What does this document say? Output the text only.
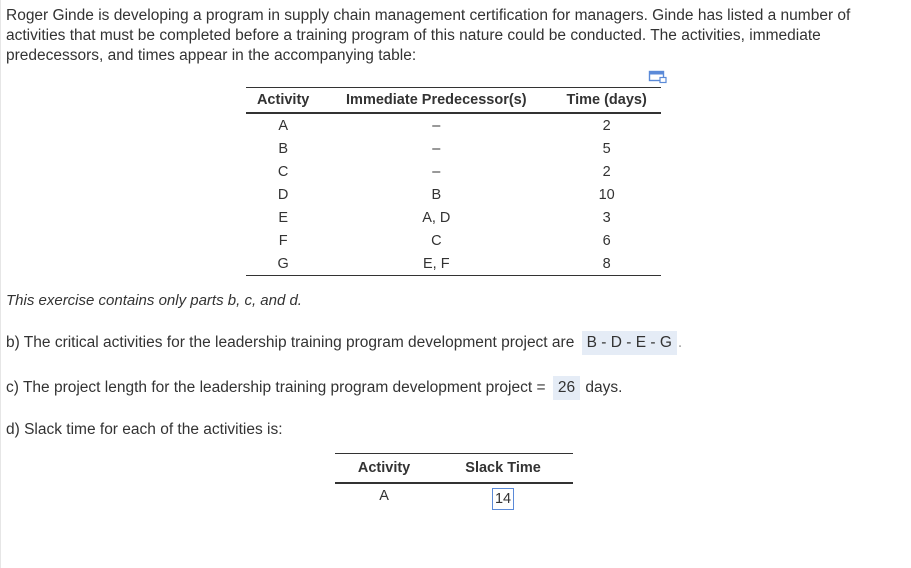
Roger Ginde is developing a program in supply chain management certification for managers. Ginde has listed a number of activities that must be completed before a training program of this nature could be conducted. The activities, immediate predecessors, and times appear in the accompanying table:
Activity	Immediate Predecessor(s)	Time (days)
A	–	2
B	–	5
C	–	2
D	B	10
E	A, D	3
F	C	6
G	E, F	8
This exercise contains only parts b, c, and d.
b) The critical activities for the leadership training program development project are B - D - E - G .
c) The project length for the leadership training program development project = 26 days.
d) Slack time for each of the activities is:
Activity	Slack Time
A	14
